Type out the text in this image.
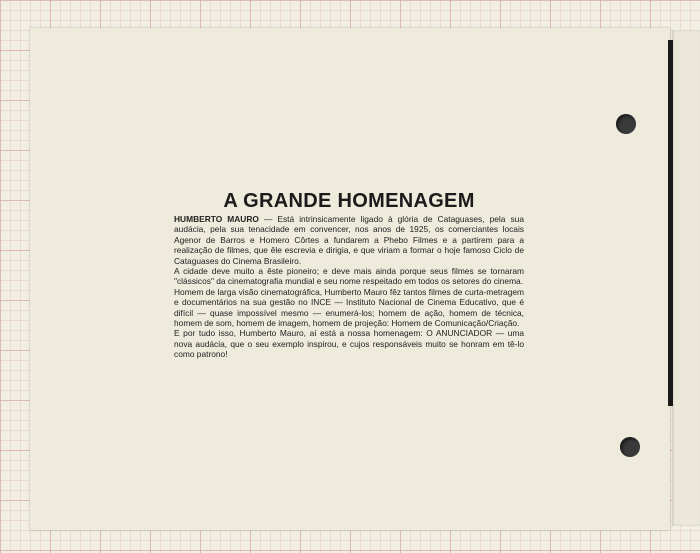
A GRANDE HOMENAGEM

HUMBERTO MAURO — Está intrinsicamente ligado à glória de Cataguases, pela sua audácia, pela sua tenacidade em convencer, nos anos de 1925, os comerciantes locais Agenor de Barros e Homero Côrtes a fundarem a Phebo Filmes e a partirem para a realização de filmes, que êle escrevia e dirigia, e que viriam a formar o hoje famoso Ciclo de Cataguases do Cinema Brasileiro.

A cidade deve muito a êste pioneiro; e deve mais ainda porque seus filmes se tornaram "clássicos" da cinematografia mundial e seu nome respeitado em todos os setores do cinema.

Homem de larga visão cinematográfica, Humberto Mauro fêz tantos filmes de curta-metragem e documentários na sua gestão no INCE — Instituto Nacional de Cinema Educativo, que é difícil — quase impossível mesmo — enumerá-los; homem de ação, homem de técnica, homem de som, homem de imagem, homem de projeção: Homem de Comunicação/Criação.

E por tudo isso, Humberto Mauro, aí está a nossa homenagem: O ANUNCIADOR — uma nova audácia, que o seu exemplo inspirou, e cujos responsáveis muito se honram em tê-lo como patrono!
